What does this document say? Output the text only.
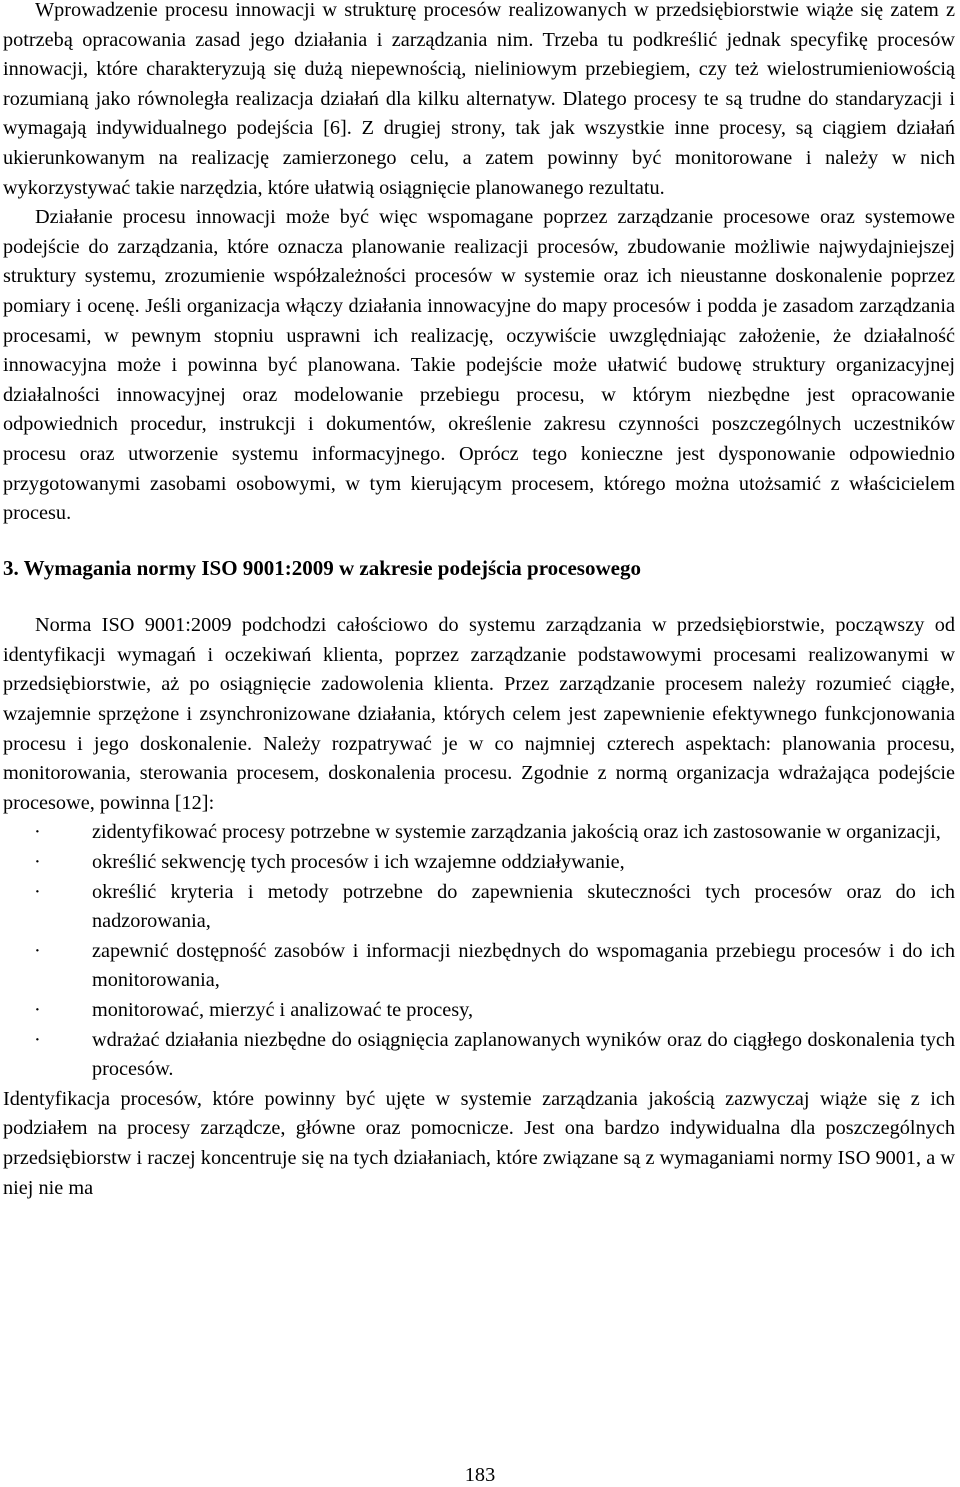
Wprowadzenie procesu innowacji w strukturę procesów realizowanych w przedsiębiorstwie wiąże się zatem z potrzebą opracowania zasad jego działania i zarządzania nim. Trzeba tu podkreślić jednak specyfikę procesów innowacji, które charakteryzują się dużą niepewnością, nieliniowym przebiegiem, czy też wielostrumieniowością rozumianą jako równoległa realizacja działań dla kilku alternatyw. Dlatego procesy te są trudne do standaryzacji i wymagają indywidualnego podejścia [6]. Z drugiej strony, tak jak wszystkie inne procesy, są ciągiem działań ukierunkowanym na realizację zamierzonego celu, a zatem powinny być monitorowane i należy w nich wykorzystywać takie narzędzia, które ułatwią osiągnięcie planowanego rezultatu.

Działanie procesu innowacji może być więc wspomagane poprzez zarządzanie procesowe oraz systemowe podejście do zarządzania, które oznacza planowanie realizacji procesów, zbudowanie możliwie najwydajniejszej struktury systemu, zrozumienie współzależności procesów w systemie oraz ich nieustanne doskonalenie poprzez pomiary i ocenę. Jeśli organizacja włączy działania innowacyjne do mapy procesów i podda je zasadom zarządzania procesami, w pewnym stopniu usprawni ich realizację, oczywiście uwzględniając założenie, że działalność innowacyjna może i powinna być planowana. Takie podejście może ułatwić budowę struktury organizacyjnej działalności innowacyjnej oraz modelowanie przebiegu procesu, w którym niezbędne jest opracowanie odpowiednich procedur, instrukcji i dokumentów, określenie zakresu czynności poszczególnych uczestników procesu oraz utworzenie systemu informacyjnego. Oprócz tego konieczne jest dysponowanie odpowiednio przygotowanymi zasobami osobowymi, w tym kierującym procesem, którego można utożsamić z właścicielem procesu.

3. Wymagania normy ISO 9001:2009 w zakresie podejścia procesowego

Norma ISO 9001:2009 podchodzi całościowo do systemu zarządzania w przedsiębiorstwie, począwszy od identyfikacji wymagań i oczekiwań klienta, poprzez zarządzanie podstawowymi procesami realizowanymi w przedsiębiorstwie, aż po osiągnięcie zadowolenia klienta. Przez zarządzanie procesem należy rozumieć ciągłe, wzajemnie sprzężone i zsynchronizowane działania, których celem jest zapewnienie efektywnego funkcjonowania procesu i jego doskonalenie. Należy rozpatrywać je w co najmniej czterech aspektach: planowania procesu, monitorowania, sterowania procesem, doskonalenia procesu. Zgodnie z normą organizacja wdrażająca podejście procesowe, powinna [12]:

·	zidentyfikować procesy potrzebne w systemie zarządzania jakością oraz ich zastosowanie w organizacji,
·	określić sekwencję tych procesów i ich wzajemne oddziaływanie,
·	określić kryteria i metody potrzebne do zapewnienia skuteczności tych procesów oraz do ich nadzorowania,
·	zapewnić dostępność zasobów i informacji niezbędnych do wspomagania przebiegu procesów i do ich monitorowania,
·	monitorować, mierzyć i analizować te procesy,
·	wdrażać działania niezbędne do osiągnięcia zaplanowanych wyników oraz do ciągłego doskonalenia tych procesów.

Identyfikacja procesów, które powinny być ujęte w systemie zarządzania jakością zazwyczaj wiąże się z ich podziałem na procesy zarządcze, główne oraz pomocnicze. Jest ona bardzo indywidualna dla poszczególnych przedsiębiorstw i raczej koncentruje się na tych działaniach, które związane są z wymaganiami normy ISO 9001, a w niej nie ma

183
